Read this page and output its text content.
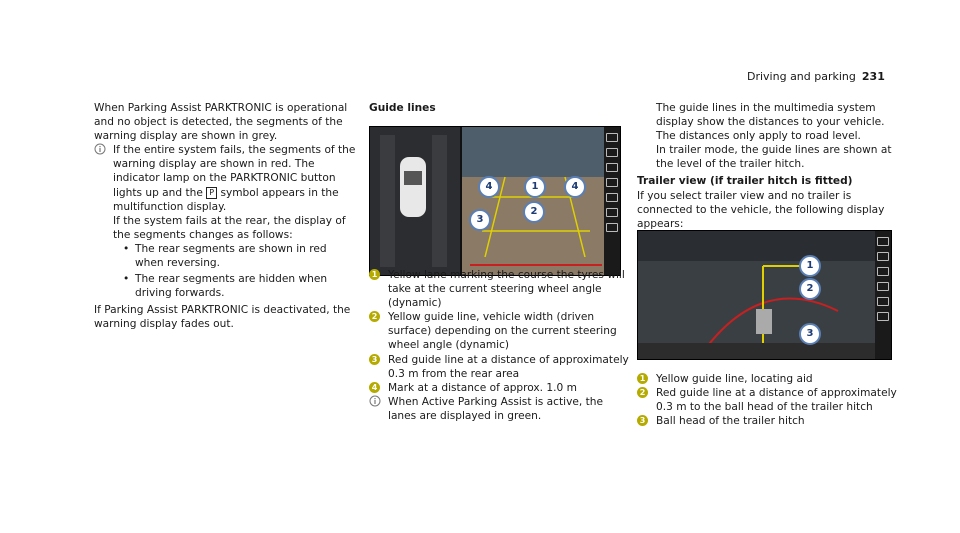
Driving and parking 231

When Parking Assist PARKTRONIC is operational and no object is detected, the segments of the warning display are shown in grey.

If the entire system fails, the segments of the warning display are shown in red. The indicator lamp on the PARKTRONIC button lights up and the P symbol appears in the multifunction display.

If the system fails at the rear, the display of the segments changes as follows:

• The rear segments are shown in red when reversing.
• The rear segments are hidden when driving forwards.

If Parking Assist PARKTRONIC is deactivated, the warning display fades out.

Guide lines

4	1	4
2
3
1 Yellow lane marking the course the tyres will take at the current steering wheel angle (dynamic)
2 Yellow guide line, vehicle width (driven surface) depending on the current steering wheel angle (dynamic)
3 Red guide line at a distance of approximately 0.3 m from the rear area
4 Mark at a distance of approx. 1.0 m

When Active Parking Assist is active, the lanes are displayed in green.

The guide lines in the multimedia system display show the distances to your vehicle. The distances only apply to road level.

In trailer mode, the guide lines are shown at the level of the trailer hitch.

Trailer view (if trailer hitch is fitted)

If you select trailer view and no trailer is connected to the vehicle, the following display appears:

1
2
3
1 Yellow guide line, locating aid
2 Red guide line at a distance of approximately 0.3 m to the ball head of the trailer hitch
3 Ball head of the trailer hitch
